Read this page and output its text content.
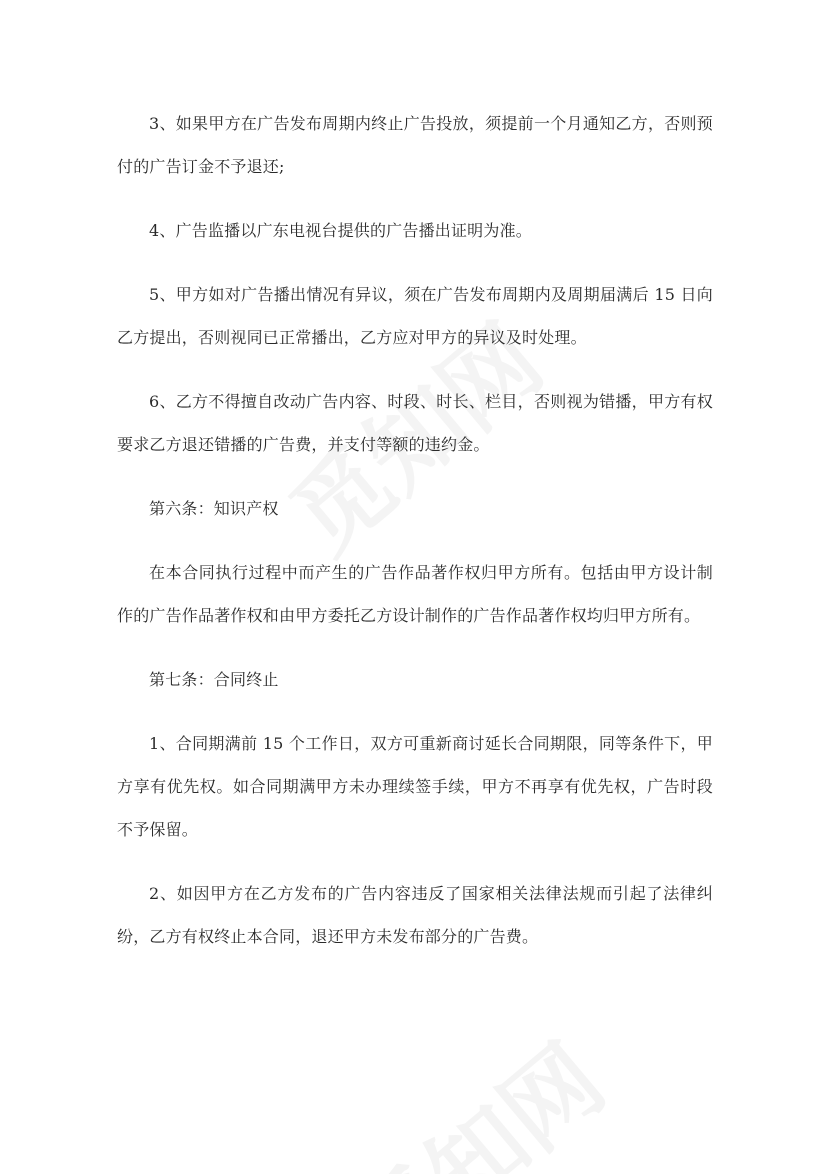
3、如果甲方在广告发布周期内终止广告投放，须提前一个月通知乙方，否则预付的广告订金不予退还;

4、广告监播以广东电视台提供的广告播出证明为准。

5、甲方如对广告播出情况有异议，须在广告发布周期内及周期届满后 15 日向乙方提出，否则视同已正常播出，乙方应对甲方的异议及时处理。

6、乙方不得擅自改动广告内容、时段、时长、栏目，否则视为错播，甲方有权要求乙方退还错播的广告费，并支付等额的违约金。

第六条：知识产权

在本合同执行过程中而产生的广告作品著作权归甲方所有。包括由甲方设计制作的广告作品著作权和由甲方委托乙方设计制作的广告作品著作权均归甲方所有。

第七条：合同终止

1、合同期满前 15 个工作日，双方可重新商讨延长合同期限，同等条件下，甲方享有优先权。如合同期满甲方未办理续签手续，甲方不再享有优先权，广告时段不予保留。

2、如因甲方在乙方发布的广告内容违反了国家相关法律法规而引起了法律纠纷，乙方有权终止本合同，退还甲方未发布部分的广告费。
